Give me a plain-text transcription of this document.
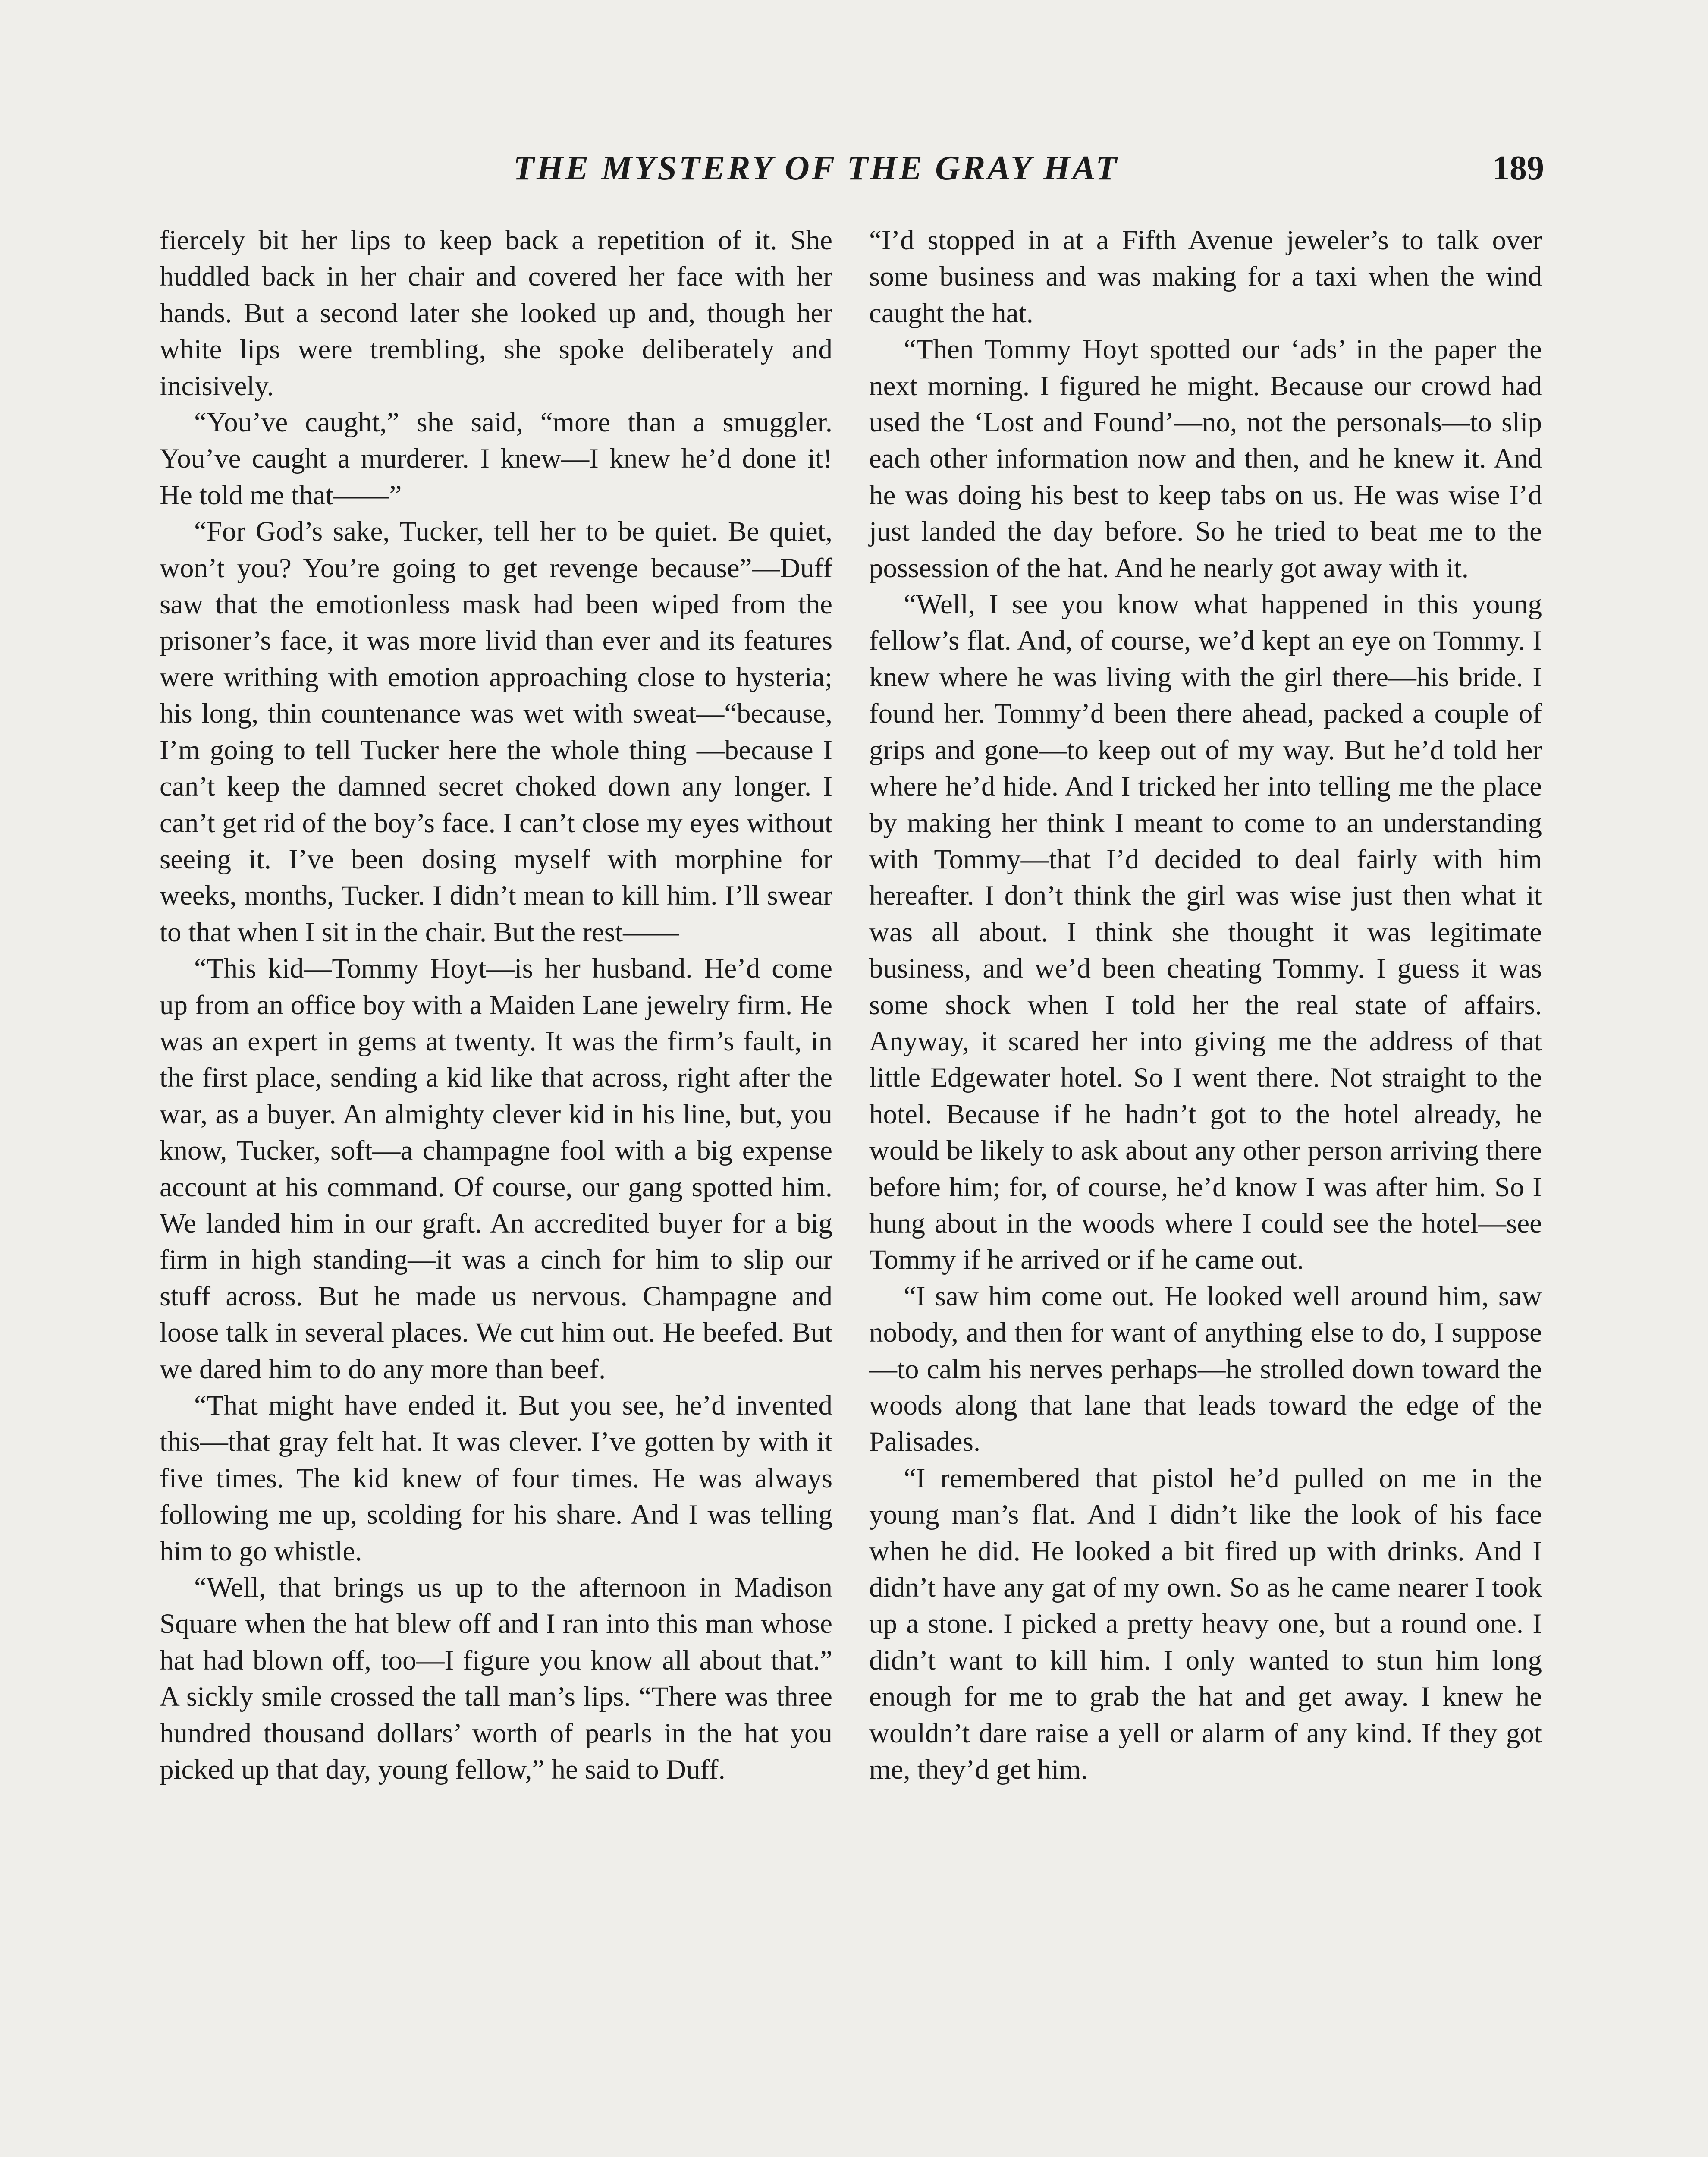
THE MYSTERY OF THE GRAY HAT	189

fiercely bit her lips to keep back a repetition of it. She huddled back in her chair and covered her face with her hands. But a second later she looked up and, though her white lips were trembling, she spoke deliberately and incisively.

“You’ve caught,” she said, “more than a smuggler. You’ve caught a murderer. I knew—I knew he’d done it! He told me that——”

“For God’s sake, Tucker, tell her to be quiet. Be quiet, won’t you? You’re going to get revenge because”—Duff saw that the emotionless mask had been wiped from the prisoner’s face, it was more livid than ever and its features were writhing with emotion approaching close to hysteria; his long, thin countenance was wet with sweat—“because, I’m going to tell Tucker here the whole thing —because I can’t keep the damned secret choked down any longer. I can’t get rid of the boy’s face. I can’t close my eyes without seeing it. I’ve been dosing myself with morphine for weeks, months, Tucker. I didn’t mean to kill him. I’ll swear to that when I sit in the chair. But the rest——

“This kid—Tommy Hoyt—is her husband. He’d come up from an office boy with a Maiden Lane jewelry firm. He was an expert in gems at twenty. It was the firm’s fault, in the first place, sending a kid like that across, right after the war, as a buyer. An almighty clever kid in his line, but, you know, Tucker, soft—a champagne fool with a big expense account at his command. Of course, our gang spotted him. We landed him in our graft. An accredited buyer for a big firm in high standing—it was a cinch for him to slip our stuff across. But he made us nervous. Champagne and loose talk in several places. We cut him out. He beefed. But we dared him to do any more than beef.

“That might have ended it. But you see, he’d invented this—that gray felt hat. It was clever. I’ve gotten by with it five times. The kid knew of four times. He was always following me up, scolding for his share. And I was telling him to go whistle.

“Well, that brings us up to the afternoon in Madison Square when the hat blew off and I ran into this man whose hat had blown off, too—I figure you know all about that.” A sickly smile crossed the tall man’s lips. “There was three hundred thousand dollars’ worth of pearls in the hat you picked up that day, young fellow,” he said to Duff.

“I’d stopped in at a Fifth Avenue jeweler’s to talk over some business and was making for a taxi when the wind caught the hat.

“Then Tommy Hoyt spotted our ‘ads’ in the paper the next morning. I figured he might. Because our crowd had used the ‘Lost and Found’—no, not the personals—to slip each other information now and then, and he knew it. And he was doing his best to keep tabs on us. He was wise I’d just landed the day before. So he tried to beat me to the possession of the hat. And he nearly got away with it.

“Well, I see you know what happened in this young fellow’s flat. And, of course, we’d kept an eye on Tommy. I knew where he was living with the girl there—his bride. I found her. Tommy’d been there ahead, packed a couple of grips and gone—to keep out of my way. But he’d told her where he’d hide. And I tricked her into telling me the place by making her think I meant to come to an understanding with Tommy—that I’d decided to deal fairly with him hereafter. I don’t think the girl was wise just then what it was all about. I think she thought it was legitimate business, and we’d been cheating Tommy. I guess it was some shock when I told her the real state of affairs. Anyway, it scared her into giving me the address of that little Edgewater hotel. So I went there. Not straight to the hotel. Because if he hadn’t got to the hotel already, he would be likely to ask about any other person arriving there before him; for, of course, he’d know I was after him. So I hung about in the woods where I could see the hotel—see Tommy if he arrived or if he came out.

“I saw him come out. He looked well around him, saw nobody, and then for want of anything else to do, I suppose—to calm his nerves perhaps—he strolled down toward the woods along that lane that leads toward the edge of the Palisades.

“I remembered that pistol he’d pulled on me in the young man’s flat. And I didn’t like the look of his face when he did. He looked a bit fired up with drinks. And I didn’t have any gat of my own. So as he came nearer I took up a stone. I picked a pretty heavy one, but a round one. I didn’t want to kill him. I only wanted to stun him long enough for me to grab the hat and get away. I knew he wouldn’t dare raise a yell or alarm of any kind. If they got me, they’d get him.
